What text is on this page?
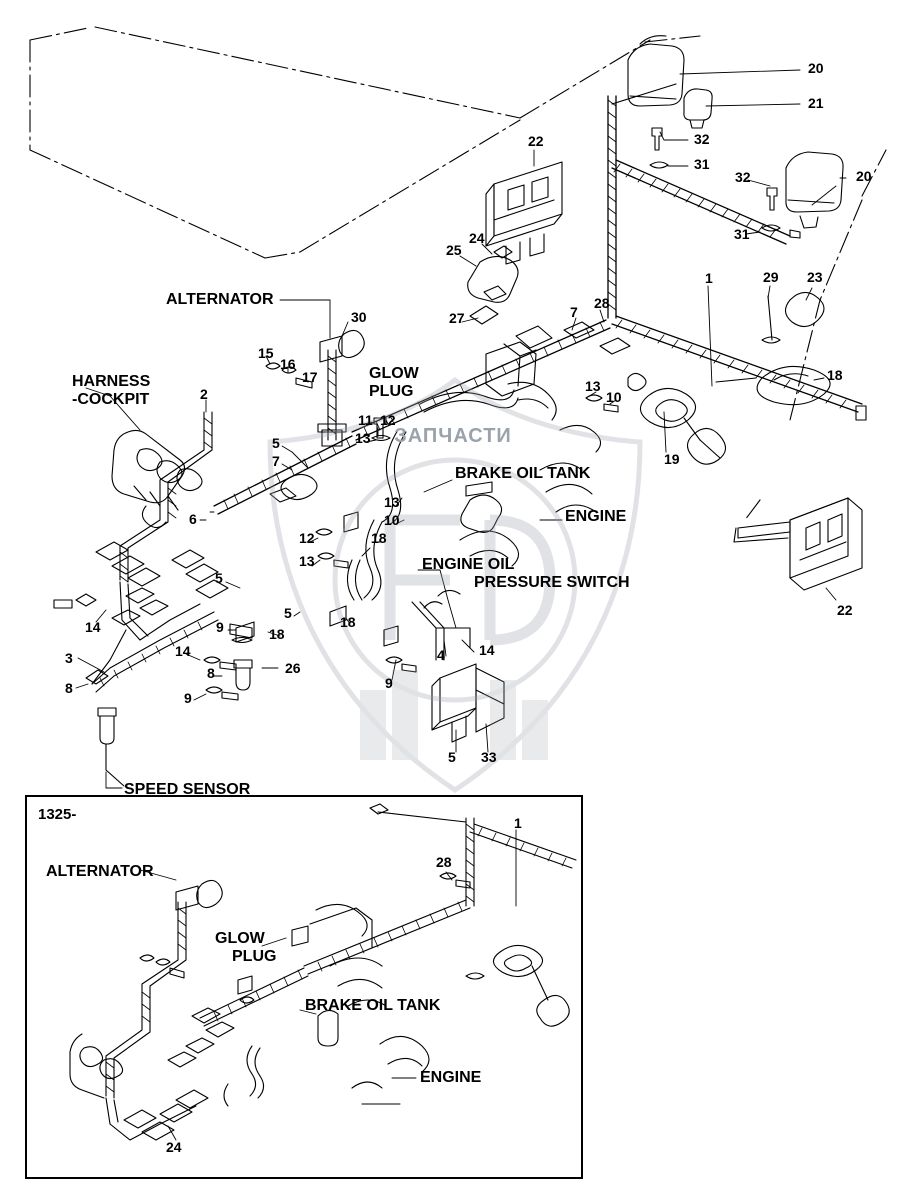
ЗАПЧАСТИ
ALTERNATOR
HARNESS
-COCKPIT
GLOW
PLUG
BRAKE OIL TANK
ENGINE
ENGINE OIL
PRESSURE SWITCH
SPEED SENSOR
ALTERNATOR
GLOW
PLUG
BRAKE OIL TANK
ENGINE
1325-
20
21
32
31
32	20
31
22
25
24
27
28
7
1	29 23
18
30
15
16
17
2	13
10
11 12
5	13
7	19
13
10
6
12	18
13
5
5
18
9	18
14
3	14
8	26
8
9
4 14
9
5 33
22
1
28
24
